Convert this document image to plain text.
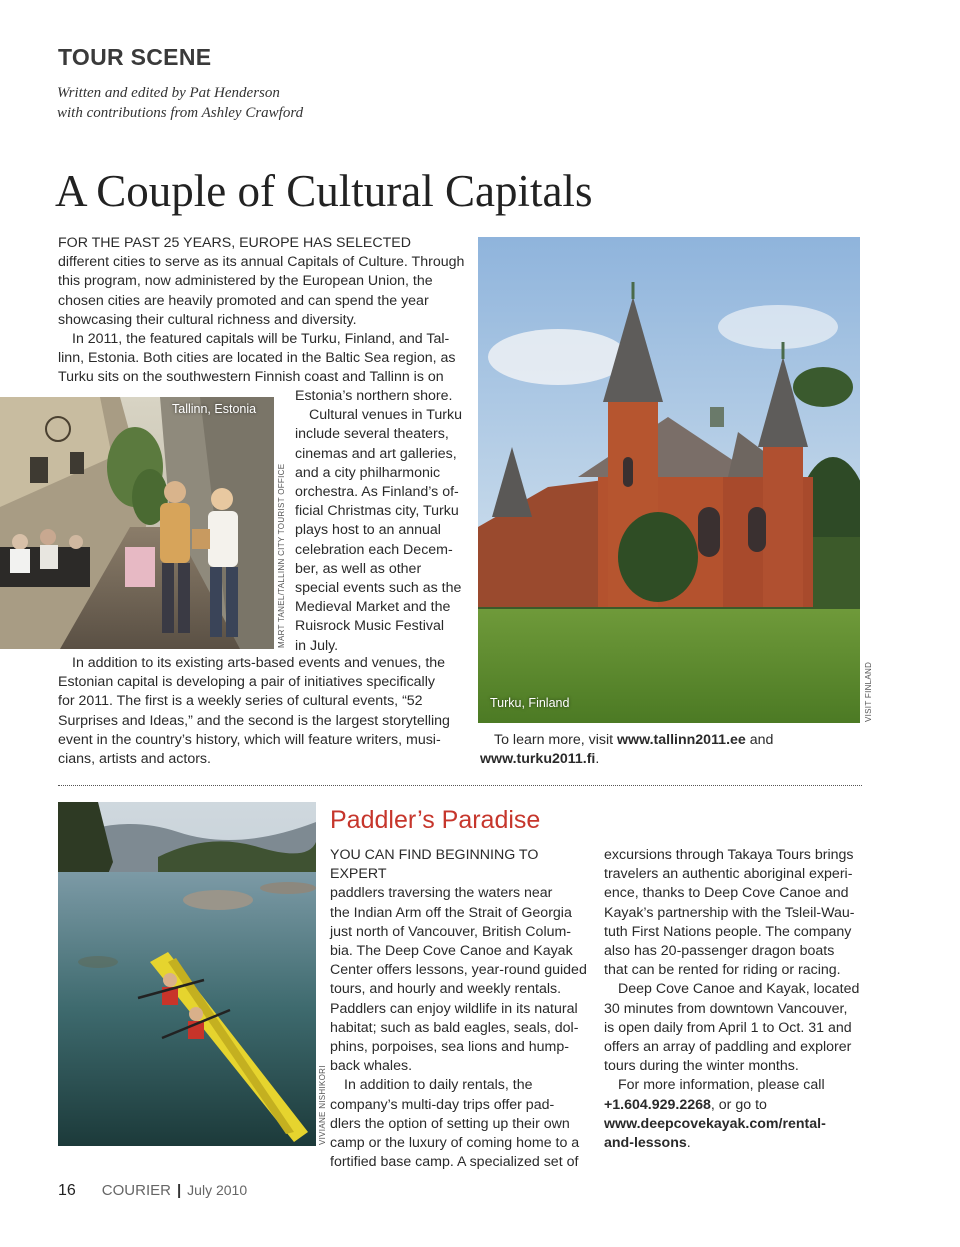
TOUR SCENE
Written and edited by Pat Henderson
with contributions from Ashley Crawford
A Couple of Cultural Capitals
FOR THE PAST 25 YEARS, EUROPE HAS SELECTED
different cities to serve as its annual Capitals of Culture. Through
this program, now administered by the European Union, the
chosen cities are heavily promoted and can spend the year
showcasing their cultural richness and diversity.
In 2011, the featured capitals will be Turku, Finland, and Tal-
linn, Estonia. Both cities are located in the Baltic Sea region, as
Turku sits on the southwestern Finnish coast and Tallinn is on
Tallinn, Estonia
MART TANEL/TALLINN CITY TOURIST OFFICE
Estonia’s northern shore.
Cultural venues in Turku
include several theaters,
cinemas and art galleries,
and a city philharmonic
orchestra. As Finland’s of-
ficial Christmas city, Turku
plays host to an annual
celebration each Decem-
ber, as well as other
special events such as the
Medieval Market and the
Ruisrock Music Festival
in July.
In addition to its existing arts-based events and venues, the
Estonian capital is developing a pair of initiatives specifically
for 2011. The first is a weekly series of cultural events, “52
Surprises and Ideas,” and the second is the largest storytelling
event in the country’s history, which will feature writers, musi-
cians, artists and actors.
Turku, Finland	VISIT FINLAND
To learn more, visit www.tallinn2011.ee and
www.turku2011.fi.
VIVIANE NISHIKORI
Paddler’s Paradise
YOU CAN FIND BEGINNING TO EXPERT
paddlers traversing the waters near
the Indian Arm off the Strait of Georgia
just north of Vancouver, British Colum-
bia. The Deep Cove Canoe and Kayak
Center offers lessons, year-round guided
tours, and hourly and weekly rentals.
Paddlers can enjoy wildlife in its natural
habitat; such as bald eagles, seals, dol-
phins, porpoises, sea lions and hump-
back whales.
In addition to daily rentals, the
company’s multi-day trips offer pad-
dlers the option of setting up their own
camp or the luxury of coming home to a
fortified base camp. A specialized set of
excursions through Takaya Tours brings
travelers an authentic aboriginal experi-
ence, thanks to Deep Cove Canoe and
Kayak’s partnership with the Tsleil-Wau-
tuth First Nations people. The company
also has 20-passenger dragon boats
that can be rented for riding or racing.
Deep Cove Canoe and Kayak, located
30 minutes from downtown Vancouver,
is open daily from April 1 to Oct. 31 and
offers an array of paddling and explorer
tours during the winter months.
For more information, please call
+1.604.929.2268, or go to
www.deepcovekayak.com/rental-
and-lessons.
16 COURIER | July 2010
